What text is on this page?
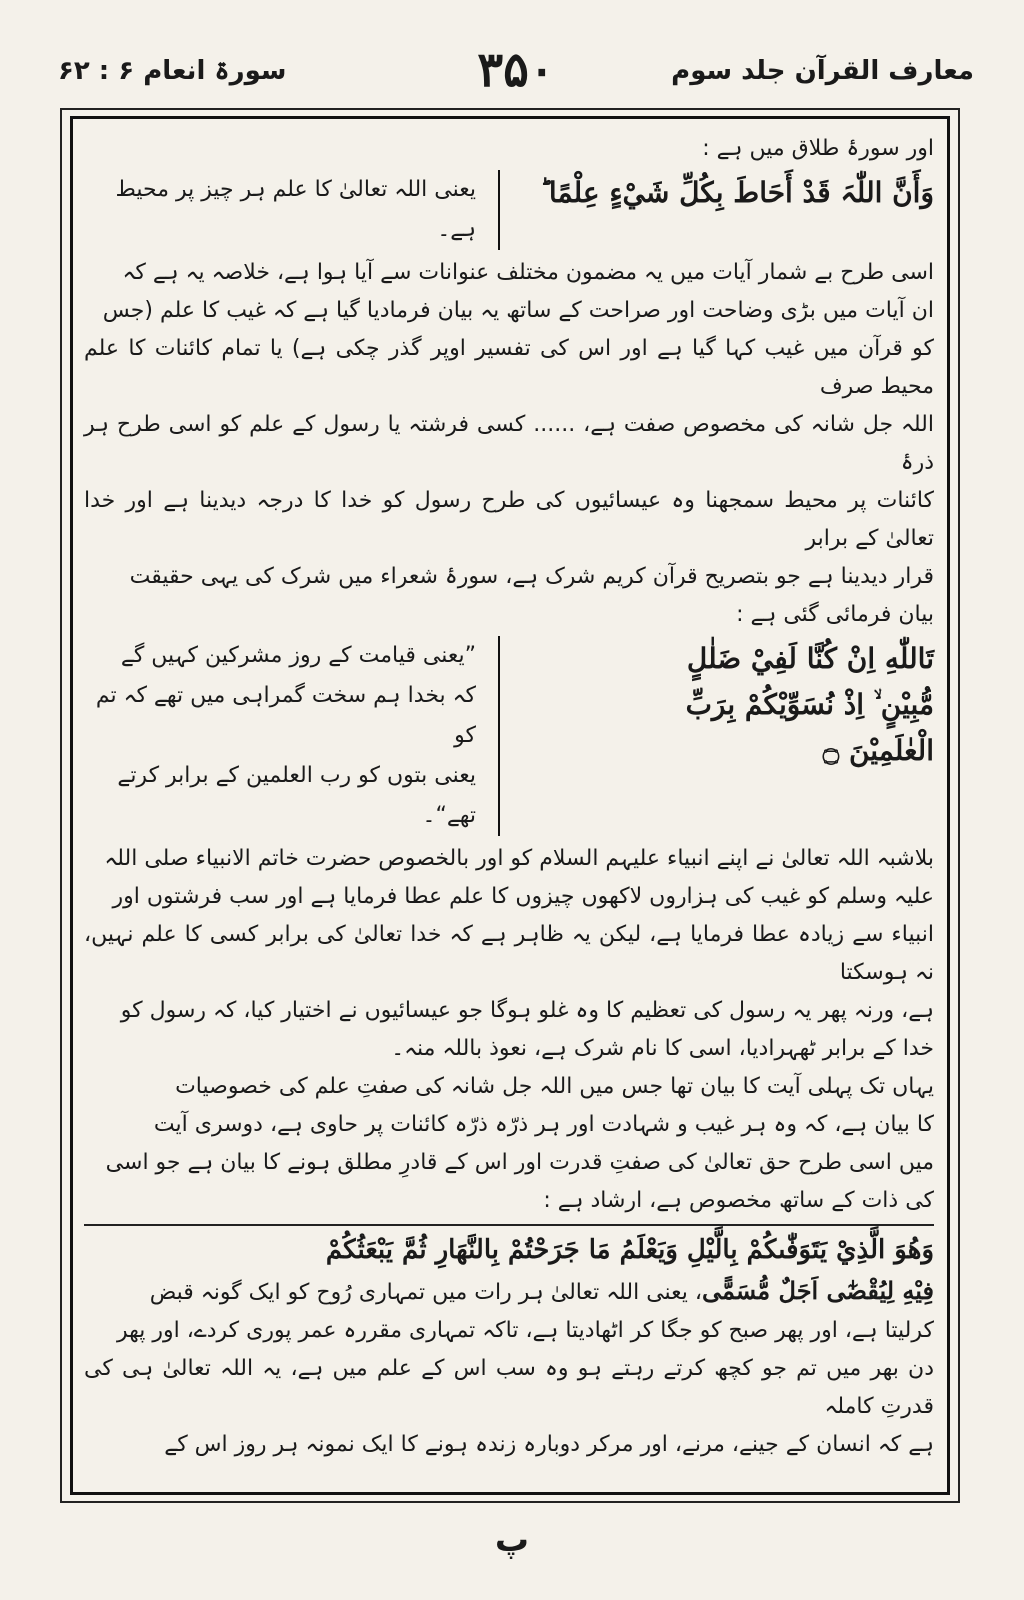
معارف القرآن جلد سوم
۳۵۰
سورۃ انعام ۶ : ۶۲

اور سورۂ طلاق میں ہے :

وَأَنَّ اللّٰہَ قَدْ أَحَاطَ بِكُلِّ شَيْءٍ عِلْمًا ؕ
یعنی اللہ تعالیٰ کا علم ہر چیز پر محیط ہے۔

اسی طرح بے شمار آیات میں یہ مضمون مختلف عنوانات سے آیا ہوا ہے، خلاصہ یہ ہے کہ

ان آیات میں بڑی وضاحت اور صراحت کے ساتھ یہ بیان فرمادیا گیا ہے کہ غیب کا علم (جس

کو قرآن میں غیب کہا گیا ہے اور اس کی تفسیر اوپر گذر چکی ہے) یا تمام کائنات کا علم محیط صرف

اللہ جل شانہ کی مخصوص صفت ہے، ...... کسی فرشتہ یا رسول کے علم کو اسی طرح ہر ذرۂ

کائنات پر محیط سمجھنا وہ عیسائیوں کی طرح رسول کو خدا کا درجہ دیدینا ہے اور خدا تعالیٰ کے برابر

قرار دیدینا ہے جو بتصریح قرآن کریم شرک ہے، سورۂ شعراء میں شرک کی یہی حقیقت

بیان فرمائی گئی ہے :

تَاللّٰهِ اِنْ كُنَّا لَفِيْ ضَلٰلٍ
مُّبِيْنٍ ۙ اِذْ نُسَوِّيْكُمْ بِرَبِّ
الْعٰلَمِيْنَ ۝
”یعنی قیامت کے روز مشرکین کہیں گے
کہ بخدا ہم سخت گمراہی میں تھے کہ تم کو
یعنی بتوں کو رب العلمین کے برابر کرتے تھے“۔

بلاشبہ اللہ تعالیٰ نے اپنے انبیاء علیہم السلام کو اور بالخصوص حضرت خاتم الانبیاء صلی اللہ

علیہ وسلم کو غیب کی ہزاروں لاکھوں چیزوں کا علم عطا فرمایا ہے اور سب فرشتوں اور

انبیاء سے زیادہ عطا فرمایا ہے، لیکن یہ ظاہر ہے کہ خدا تعالیٰ کی برابر کسی کا علم نہیں، نہ ہوسکتا

ہے، ورنہ پھر یہ رسول کی تعظیم کا وہ غلو ہوگا جو عیسائیوں نے اختیار کیا، کہ رسول کو

خدا کے برابر ٹھہرادیا، اسی کا نام شرک ہے، نعوذ باللہ منہ۔

یہاں تک پہلی آیت کا بیان تھا جس میں اللہ جل شانہ کی صفتِ علم کی خصوصیات

کا بیان ہے، کہ وہ ہر غیب و شہادت اور ہر ذرّہ ذرّہ کائنات پر حاوی ہے، دوسری آیت

میں اسی طرح حق تعالیٰ کی صفتِ قدرت اور اس کے قادرِ مطلق ہونے کا بیان ہے جو اسی

کی ذات کے ساتھ مخصوص ہے، ارشاد ہے :

وَهُوَ الَّذِيْ يَتَوَفّٰىكُمْ بِالَّيْلِ وَيَعْلَمُ مَا جَرَحْتُمْ بِالنَّهَارِ ثُمَّ يَبْعَثُكُمْ

فِيْهِ لِيُقْضٰٓى اَجَلٌ مُّسَمًّى، یعنی اللہ تعالیٰ ہر رات میں تمہاری رُوح کو ایک گونہ قبض

کرلیتا ہے، اور پھر صبح کو جگا کر اٹھادیتا ہے، تاکہ تمہاری مقررہ عمر پوری کردے، اور پھر

دن بھر میں تم جو کچھ کرتے رہتے ہو وہ سب اس کے علم میں ہے، یہ اللہ تعالیٰ ہی کی قدرتِ کاملہ

ہے کہ انسان کے جینے، مرنے، اور مرکر دوبارہ زندہ ہونے کا ایک نمونہ ہر روز اس کے

پ
